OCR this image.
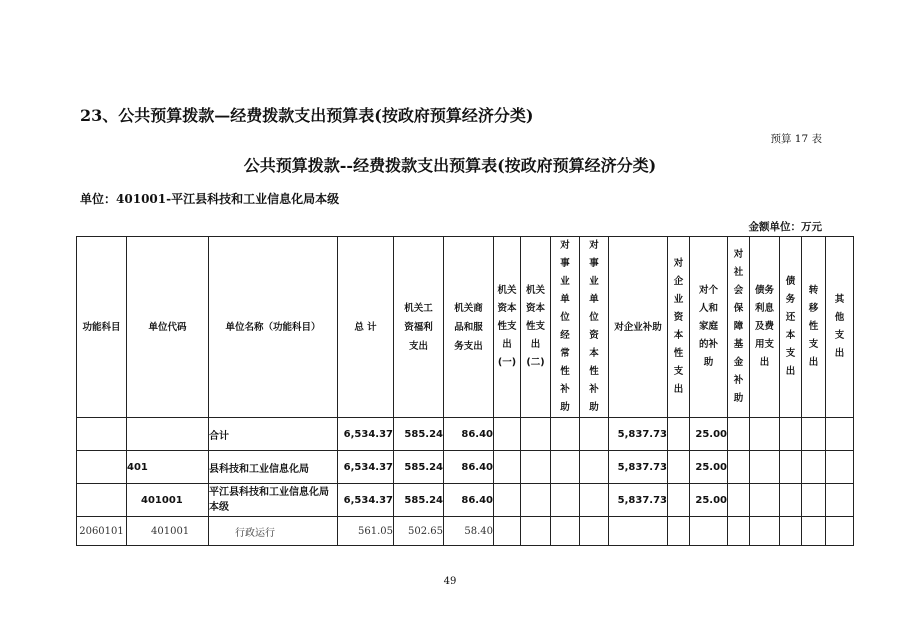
23、公共预算拨款—经费拨款支出预算表(按政府预算经济分类)
预算 17 表
公共预算拨款--经费拨款支出预算表(按政府预算经济分类)
单位：401001-平江县科技和工业信息化局本级
金额单位：万元
功能科目	单位代码	单位名称（功能科目）	总 计	机关工资福利支出	机关商品和服务支出	机关资本性支出(一)	机关资本性支出(二)	对事业单位经常性补助	对事业单位资本性补助	对企业补助	对企业资本性支出	对个人和家庭的补助	对社会保障基金补助	债务利息及费用支出	债务还本支出	转移性支出	其他支出

		合计	6,534.37	585.24	86.40					5,837.73		25.00					
	401	县科技和工业信息化局	6,534.37	585.24	86.40					5,837.73		25.00					
	401001	平江县科技和工业信息化局本级	6,534.37	585.24	86.40					5,837.73		25.00					
2060101	401001	行政运行	561.05	502.65	58.40												
49
